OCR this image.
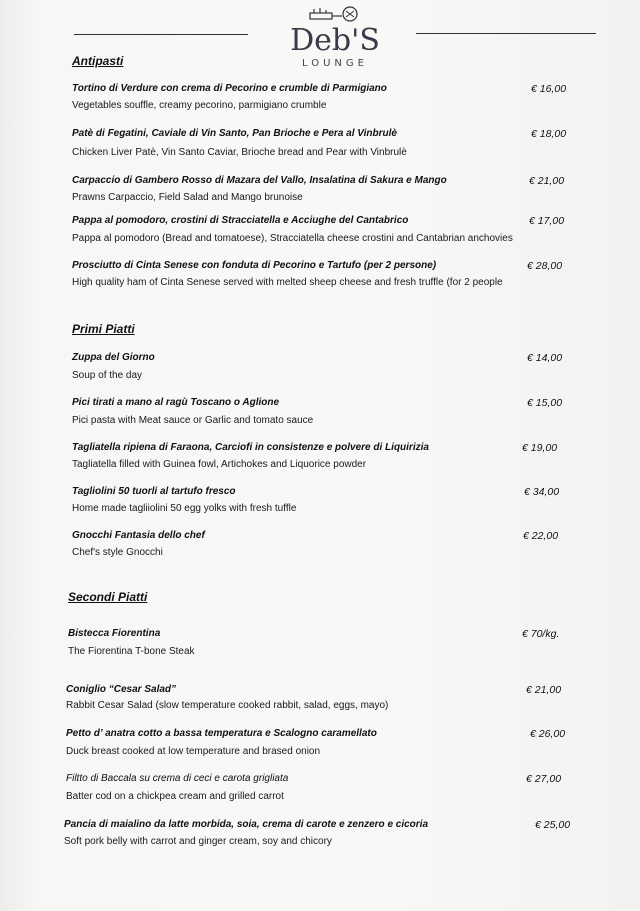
Deb'S
LOUNGE
Antipasti
Tortino di Verdure con crema di Pecorino e crumble di Parmigiano	€ 16,00
Vegetables souffle, creamy pecorino, parmigiano crumble
Patè di Fegatini, Caviale di Vin Santo, Pan Brioche e Pera al Vinbrulè	€ 18,00
Chicken Liver Patè, Vin Santo Caviar, Brioche bread and Pear with Vinbrulè
Carpaccio di Gambero Rosso di Mazara del Vallo, Insalatina di Sakura e Mango	€ 21,00
Prawns Carpaccio, Field Salad and Mango brunoise
Pappa al pomodoro, crostini di Stracciatella e Acciughe del Cantabrico	€ 17,00
Pappa al pomodoro (Bread and tomatoese), Stracciatella cheese crostini and Cantabrian anchovies
Prosciutto di Cinta Senese con fonduta di Pecorino e Tartufo (per 2 persone)	€ 28,00
High quality ham of Cinta Senese served with melted sheep cheese and fresh truffle (for 2 people
Primi Piatti
Zuppa del Giorno	€ 14,00
Soup of the day
Pici tirati a mano al ragù Toscano o Aglione	€ 15,00
Pici pasta with Meat sauce or Garlic and tomato sauce
Tagliatella ripiena di Faraona, Carciofi in consistenze e polvere di Liquirizia	€ 19,00
Tagliatella filled with Guinea fowl, Artichokes and Liquorice powder
Tagliolini 50 tuorli al tartufo fresco	€ 34,00
Home made tagliiolini 50 egg yolks with fresh tuffle
Gnocchi Fantasia dello chef	€ 22,00
Chef's style Gnocchi
Secondi Piatti
Bistecca Fiorentina	€ 70/kg.
The Fiorentina T-bone Steak
Coniglio “Cesar Salad”	€ 21,00
Rabbit Cesar Salad (slow temperature cooked rabbit, salad, eggs, mayo)
Petto d’ anatra cotto a bassa temperatura e Scalogno caramellato	€ 26,00
Duck breast cooked at low temperature and brased onion
Filtto di Baccala su crema di ceci e carota grigliata	€ 27,00
Batter cod on a chickpea cream and grilled carrot
Pancia di maialino da latte morbida, soia, crema di carote e zenzero e cicoria	€ 25,00
Soft pork belly with carrot and ginger cream, soy and chicory
